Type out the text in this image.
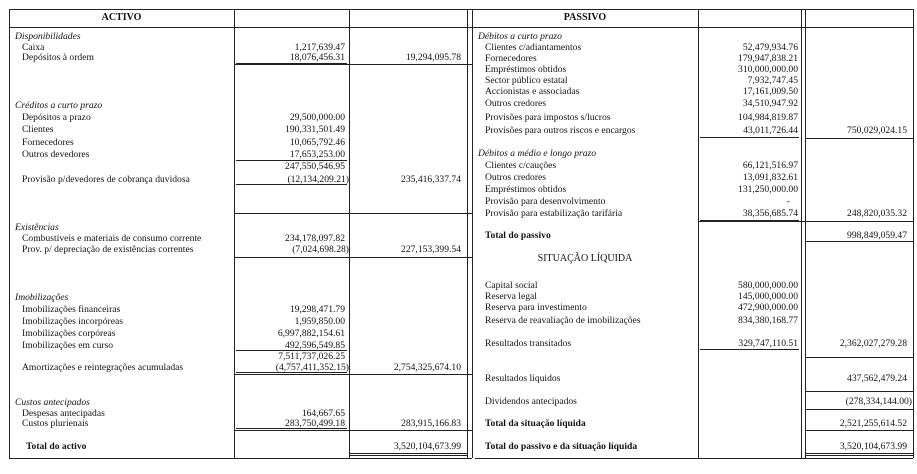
ACTIVO	PASSIVO
Disponibilidades
Caixa	1,217,639.47
Depósitos à ordem	18,076,456.31	19,294,095.78
Créditos a curto prazo
Depósitos a prazo	29,500,000.00
Clientes	190,331,501.49
Fornecedores	10,065,792.46
Outros devedores	17,653,253.00
247,550,546.95
Provisão p/devedores de cobrança duvidosa	(12,134,209.21)	235,416,337.74
Existências
Combustíveis e materiais de consumo corrente	234,178,097.82
Prov. p/ depreciação de existências correntes	(7,024,698.28)	227,153,399.54
Imobilizações
Imobilizações financeiras	19,298,471.79
Imobilizações incorpóreas	1,959,850.00
Imobilizações corpóreas	6,997,882,154.61
Imobilizações em curso	492,596,549.85
7,511,737,026.25
Amortizações e reintegrações acumuladas	(4,757,411,352.15)	2,754,325,674.10
Custos antecipados
Despesas antecipadas	164,667.65
Custos plurienais	283,750,499.18	283,915,166.83
Total do activo	3,520,104,673.99
Débitos a curto prazo
Clientes c/adiantamentos	52,479,934.76
Fornecedores	179,947,838.21
Empréstimos obtidos	310,000,000.00
Sector público estatal	7,932,747.45
Accionistas e associadas	17,161,009.50
Outros credores	34,510,947.92
Provisões para impostos s/lucros	104,984,819.87
Provisões para outros riscos e encargos	43,011,726.44	750,029,024.15
Débitos a médio e longo prazo
Clientes c/cauções	66,121,516.97
Outros credores	13,091,832.61
Empréstimos obtidos	131,250,000.00
Provisão para desenvolvimento	-
Provisão para estabilização tarifária	38,356,685.74	248,820,035.32
Total do passivo	998,849,059.47
SITUAÇÃO LÍQUIDA
Capital social	580,000,000.00
Reserva legal	145,000,000.00
Reserva para investimento	472,900,000.00
Reserva de reavaliação de imobilizações	834,380,168.77
Resultados transitados	329,747,110.51	2,362,027,279.28
Resultados líquidos	437,562,479.24
Dividendos antecipados	(278,334,144.00)
Total da situação líquida	2,521,255,614.52
Total do passivo e da situação líquida	3,520,104,673.99
